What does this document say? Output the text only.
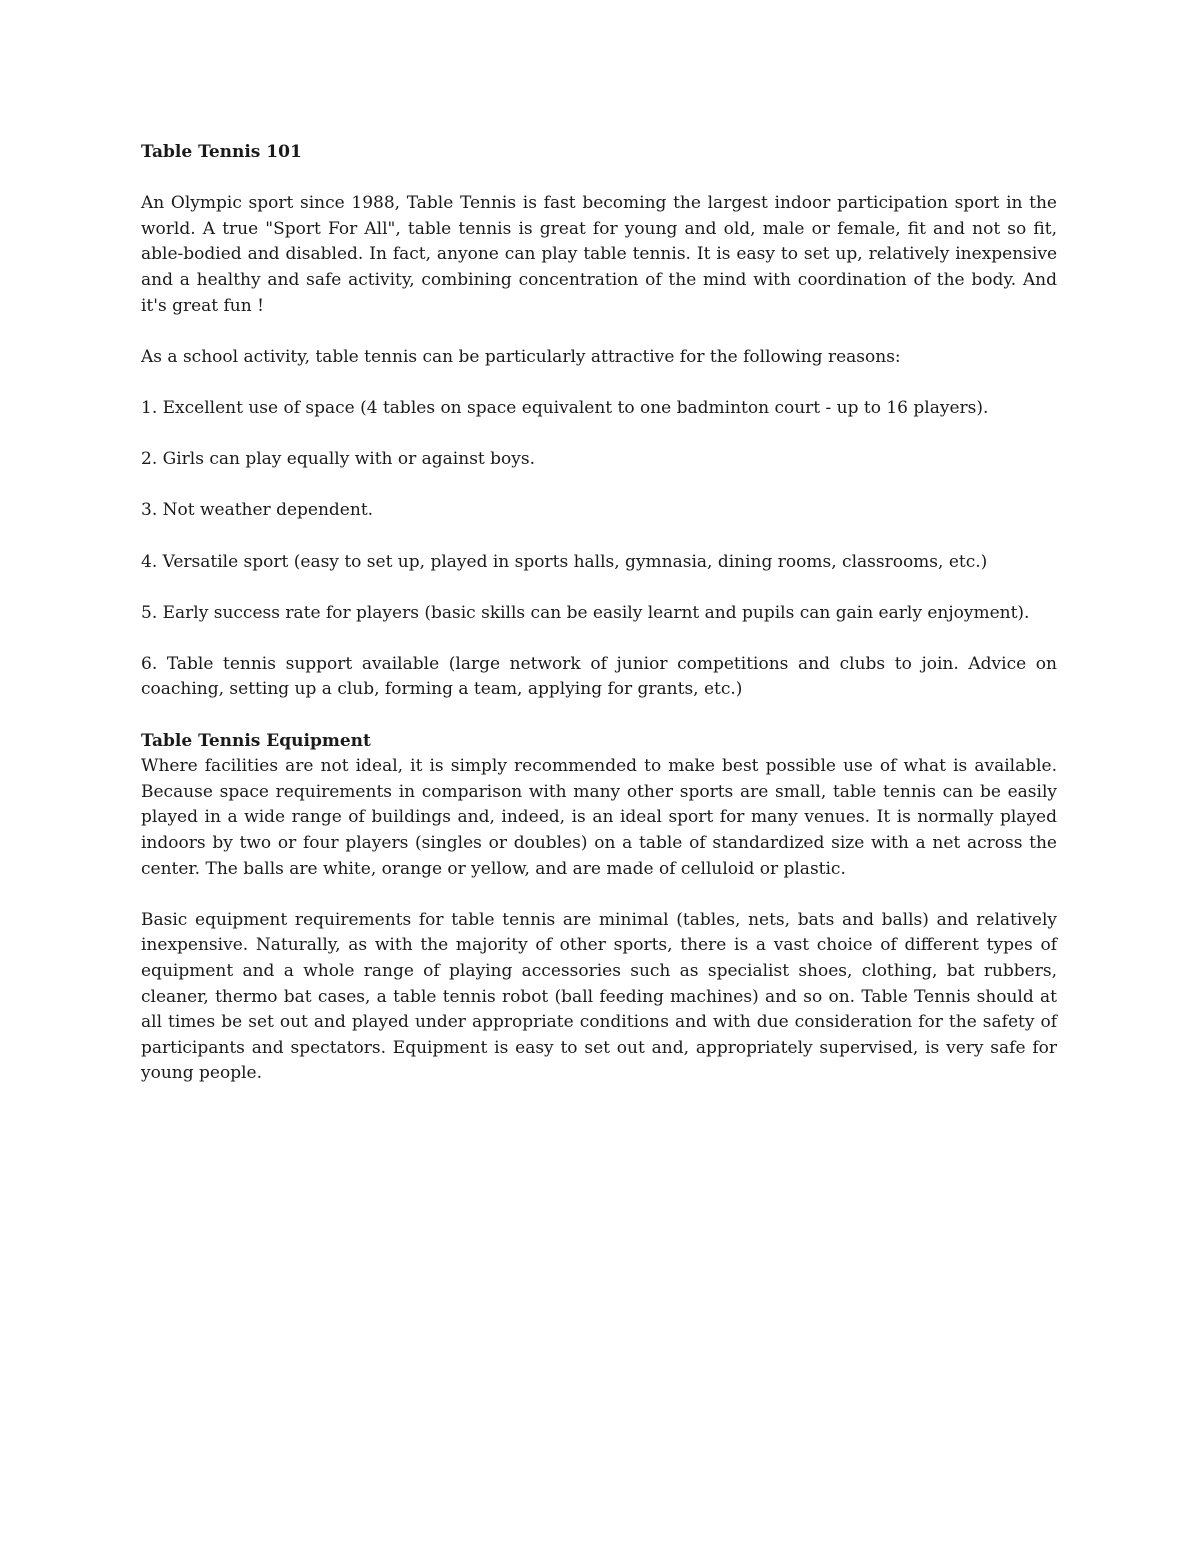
Table Tennis 101

An Olympic sport since 1988, Table Tennis is fast becoming the largest indoor participation sport in the world. A true "Sport For All", table tennis is great for young and old, male or female, fit and not so fit, able-bodied and disabled. In fact, anyone can play table tennis. It is easy to set up, relatively inexpensive and a healthy and safe activity, combining concentration of the mind with coordination of the body. And it's great fun !

As a school activity, table tennis can be particularly attractive for the following reasons:

1. Excellent use of space (4 tables on space equivalent to one badminton court - up to 16 players).

2. Girls can play equally with or against boys.

3. Not weather dependent.

4. Versatile sport (easy to set up, played in sports halls, gymnasia, dining rooms, classrooms, etc.)

5. Early success rate for players (basic skills can be easily learnt and pupils can gain early enjoyment).

6. Table tennis support available (large network of junior competitions and clubs to join. Advice on coaching, setting up a club, forming a team, applying for grants, etc.)

Table Tennis Equipment

Where facilities are not ideal, it is simply recommended to make best possible use of what is available. Because space requirements in comparison with many other sports are small, table tennis can be easily played in a wide range of buildings and, indeed, is an ideal sport for many venues. It is normally played indoors by two or four players (singles or doubles) on a table of standardized size with a net across the center. The balls are white, orange or yellow, and are made of celluloid or plastic.

Basic equipment requirements for table tennis are minimal (tables, nets, bats and balls) and relatively inexpensive. Naturally, as with the majority of other sports, there is a vast choice of different types of equipment and a whole range of playing accessories such as specialist shoes, clothing, bat rubbers, cleaner, thermo bat cases, a table tennis robot (ball feeding machines) and so on. Table Tennis should at all times be set out and played under appropriate conditions and with due consideration for the safety of participants and spectators. Equipment is easy to set out and, appropriately supervised, is very safe for young people.
